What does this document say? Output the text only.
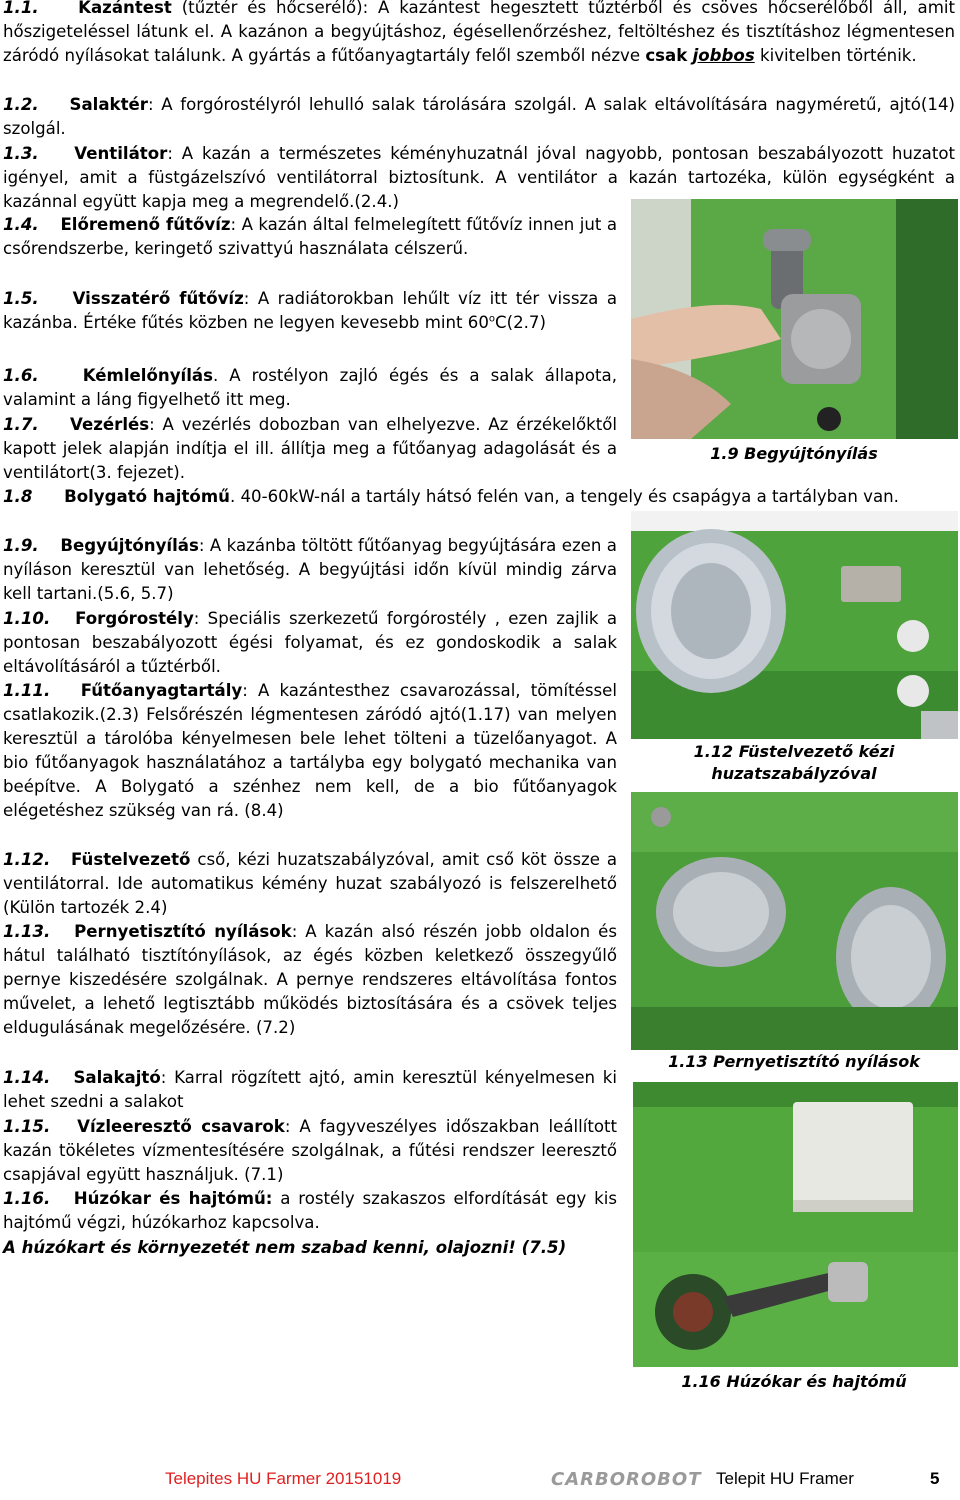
1.1. Kazántest (tűztér és hőcserélő): A kazántest hegesztett tűztérből és csöves hőcserélőből áll, amit hőszigeteléssel látunk el. A kazánon a begyújtáshoz, égésellenőrzéshez, feltöltéshez és tisztításhoz légmentesen záródó nyílásokat találunk. A gyártás a fűtőanyagtartály felől szemből nézve csak jobbos kivitelben történik.

1.2. Salaktér: A forgórostélyról lehulló salak tárolására szolgál. A salak eltávolítására nagyméretű, ajtó(14) szolgál.

1.3. Ventilátor: A kazán a természetes kéményhuzatnál jóval nagyobb, pontosan beszabályozott huzatot igényel, amit a füstgázelszívó ventilátorral biztosítunk. A ventilátor a kazán tartozéka, külön egységként a kazánnal együtt kapja meg a megrendelő.(2.4.)

1.4. Előremenő fűtővíz: A kazán által felmelegített fűtővíz innen jut a csőrendszerbe, keringető szivattyú használata célszerű.

1.5. Visszatérő fűtővíz: A radiátorokban lehűlt víz itt tér vissza a kazánba. Értéke fűtés közben ne legyen kevesebb mint 60$^o$C(2.7)

1.6.	Kémlelőnyílás. A rostélyon zajló égés és a salak állapota, valamint a láng figyelhető itt meg.

1.7. Vezérlés: A vezérlés dobozban van elhelyezve. Az érzékelőktől kapott jelek alapján indítja el ill. állítja meg a fűtőanyag adagolását és a ventilátort(3. fejezet).

1.8 Bolygató hajtómű. 40-60kW-nál a tartály hátsó felén van, a tengely és csapágya a tartályban van.

1.9. Begyújtónyílás: A kazánba töltött fűtőanyag begyújtására ezen a nyíláson keresztül van lehetőség. A begyújtási időn kívül mindig zárva kell tartani.(5.6, 5.7)

1.10. Forgórostély: Speciális szerkezetű forgórostély , ezen zajlik a pontosan beszabályozott égési folyamat, és ez gondoskodik a salak eltávolításáról a tűztérből.

1.11. Fűtőanyagtartály: A kazántesthez csavarozással, tömítéssel csatlakozik.(2.3) Felsőrészén légmentesen záródó ajtó(1.17) van melyen keresztül a tárolóba kényelmesen bele lehet tölteni a tüzelőanyagot. A bio fűtőanyagok használatához a tartályba egy bolygató mechanika van beépítve. A Bolygató a szénhez nem kell, de a bio fűtőanyagok elégetéshez szükség van rá. (8.4)

1.12. Füstelvezető cső, kézi huzatszabályzóval, amit cső köt össze a ventilátorral. Ide automatikus kémény huzat szabályozó is felszerelhető (Külön tartozék 2.4)

1.13. Pernyetisztító nyílások: A kazán alsó részén jobb oldalon és hátul található tisztítónyílások, az égés közben keletkező összegyűlő pernye kiszedésére szolgálnak. A pernye rendszeres eltávolítása fontos művelet, a lehető legtisztább működés biztosítására és a csövek teljes eldugulásának megelőzésére. (7.2)

1.14. Salakajtó: Karral rögzített ajtó, amin keresztül kényelmesen ki lehet szedni a salakot

1.15. Vízleeresztő csavarok: A fagyveszélyes időszakban leállított kazán tökéletes vízmentesítésére szolgálnak, a fűtési rendszer leeresztő csapjával együtt használjuk. (7.1)

1.16. Húzókar és hajtómű: a rostély szakaszos elfordítását egy kis hajtómű végzi, húzókarhoz kapcsolva.

A húzókart és környezetét nem szabad kenni, olajozni! (7.5)

1.9 Begyújtónyílás
1.12 Füstelvezető kézi huzatszabályzóval
1.13 Pernyetisztító nyílások
1.16 Húzókar és hajtómű
Telepites HU Farmer 20151019	CARBOROBOT Telepit HU Framer	5
